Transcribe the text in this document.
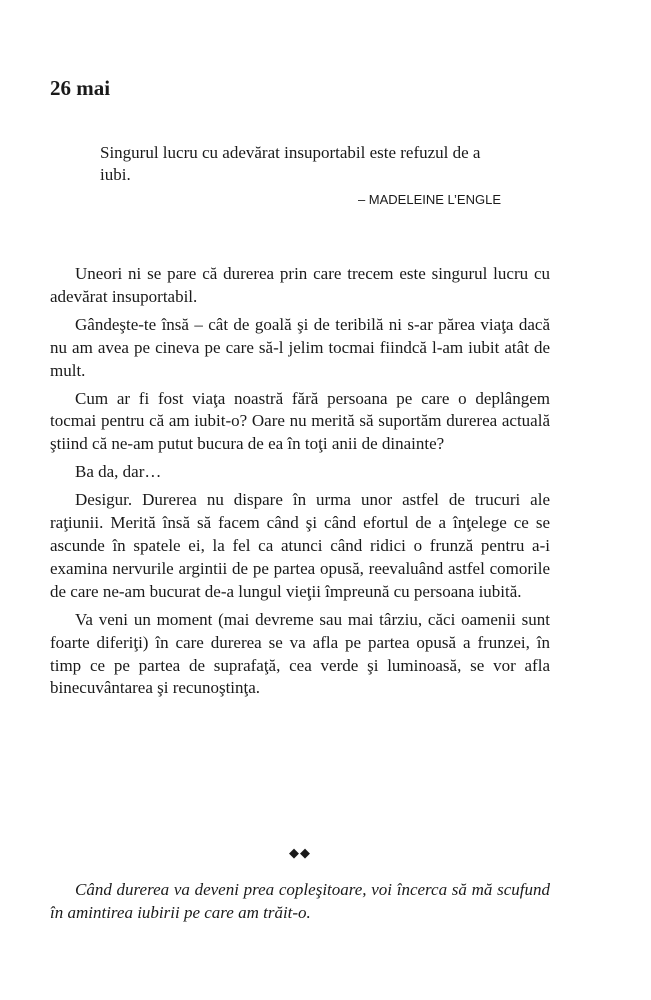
26 mai

Singurul lucru cu adevărat insuportabil este refuzul de a iubi.

– MADELEINE L’ENGLE

Uneori ni se pare că durerea prin care trecem este singurul lucru cu adevărat insuportabil.

Gândeşte-te însă – cât de goală şi de teribilă ni s-ar părea viaţa dacă nu am avea pe cineva pe care să-l jelim tocmai fiindcă l-am iubit atât de mult.

Cum ar fi fost viaţa noastră fără persoana pe care o deplângem tocmai pentru că am iubit-o? Oare nu merită să suportăm durerea actuală ştiind că ne-am putut bucura de ea în toţi anii de dinainte?

Ba da, dar…

Desigur. Durerea nu dispare în urma unor astfel de trucuri ale raţiunii. Merită însă să facem când şi când efortul de a înţelege ce se ascunde în spatele ei, la fel ca atunci când ridici o frunză pentru a-i examina nervurile argintii de pe partea opusă, reevaluând astfel comorile de care ne-am bucurat de-a lungul vieţii împreună cu persoana iubită.

Va veni un moment (mai devreme sau mai târziu, căci oamenii sunt foarte diferiţi) în care durerea se va afla pe partea opusă a frunzei, în timp ce pe partea de suprafaţă, cea verde şi luminoasă, se vor afla binecuvântarea şi recunoştinţa.

◆◆

Când durerea va deveni prea copleşitoare, voi încerca să mă scufund în amintirea iubirii pe care am trăit-o.
